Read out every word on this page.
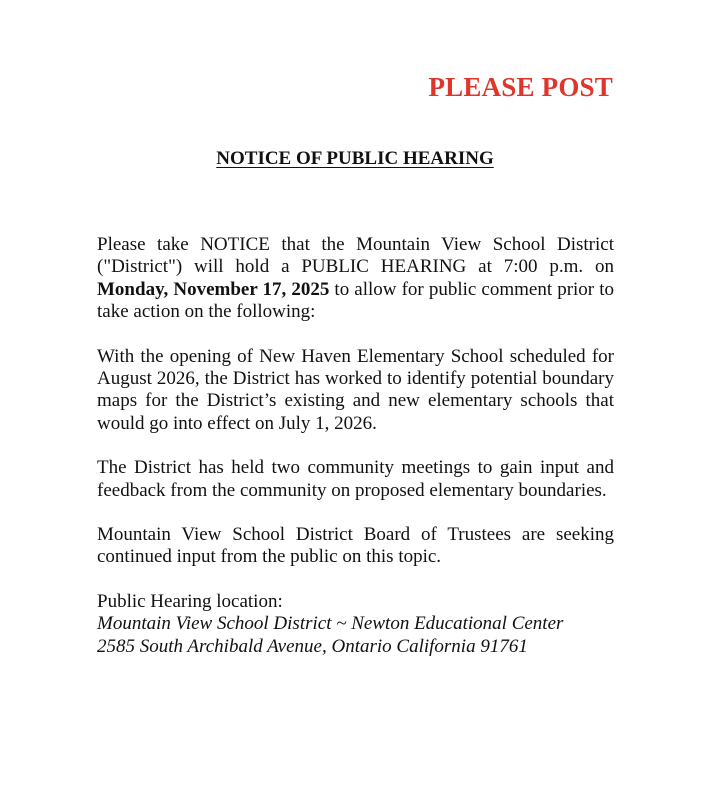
PLEASE POST
NOTICE OF PUBLIC HEARING

Please take NOTICE that the Mountain View School District ("District") will hold a PUBLIC HEARING at 7:00 p.m. on Monday, November 17, 2025 to allow for public comment prior to take action on the following:

With the opening of New Haven Elementary School scheduled for August 2026, the District has worked to identify potential boundary maps for the District’s existing and new elementary schools that would go into effect on July 1, 2026.

The District has held two community meetings to gain input and feedback from the community on proposed elementary boundaries.

Mountain View School District Board of Trustees are seeking continued input from the public on this topic.

Public Hearing location:

Mountain View School District ~ Newton Educational Center
2585 South Archibald Avenue, Ontario California 91761
